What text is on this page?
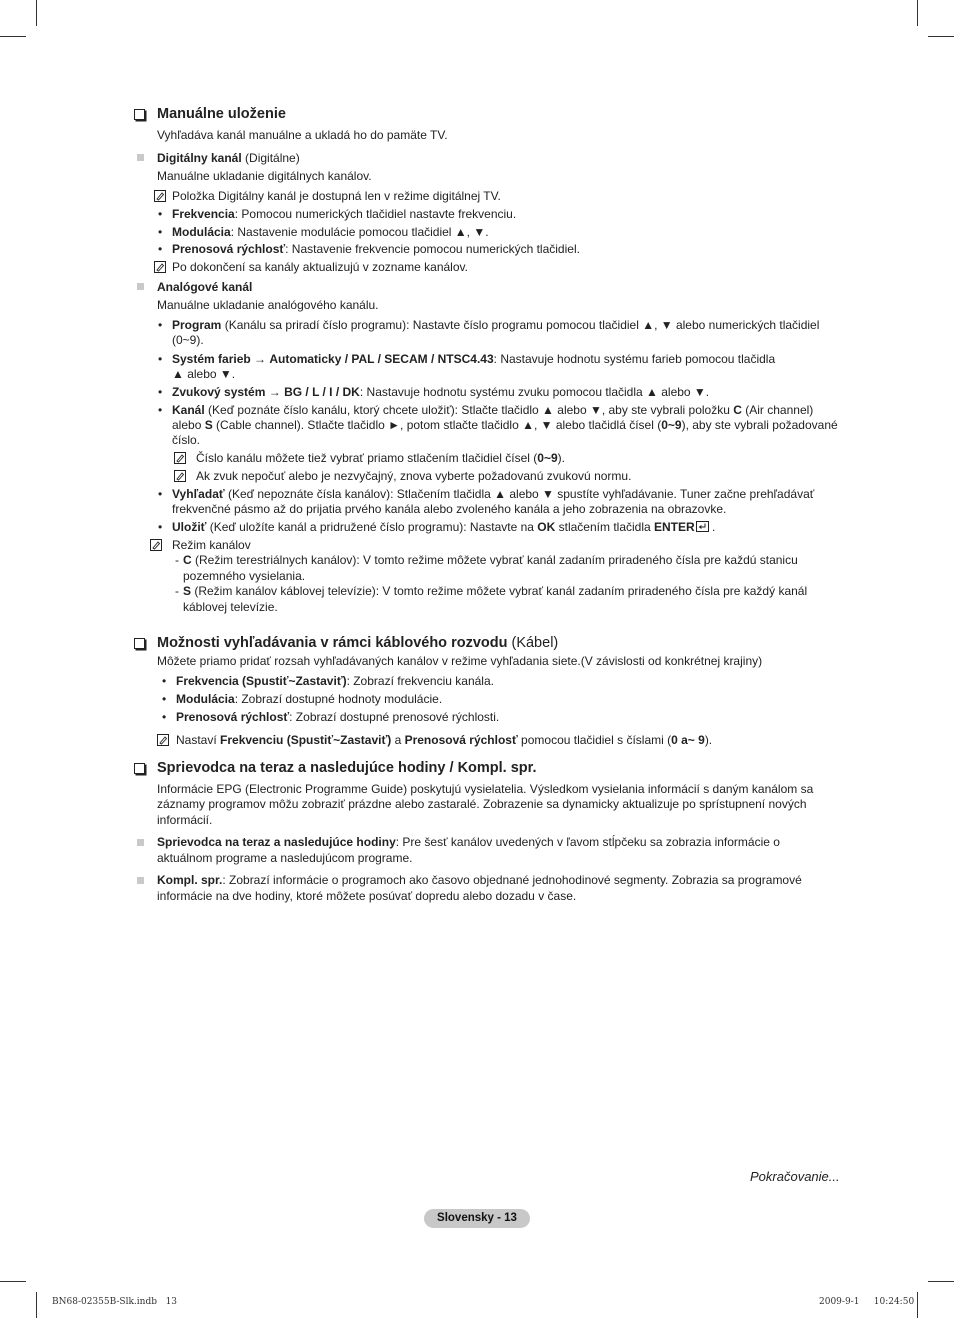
Manuálne uloženie
Vyhľadáva kanál manuálne a ukladá ho do pamäte TV.
Digitálny kanál (Digitálne)
Manuálne ukladanie digitálnych kanálov.
Položka Digitálny kanál je dostupná len v režime digitálnej TV.
• Frekvencia: Pomocou numerických tlačidiel nastavte frekvenciu.
• Modulácia: Nastavenie modulácie pomocou tlačidiel ▲, ▼.
• Prenosová rýchlosť: Nastavenie frekvencie pomocou numerických tlačidiel.
Po dokončení sa kanály aktualizujú v zozname kanálov.
Analógové kanál
Manuálne ukladanie analógového kanálu.
• Program (Kanálu sa priradí číslo programu): Nastavte číslo programu pomocou tlačidiel ▲, ▼ alebo numerických tlačidiel
(0~9).
• Systém farieb → Automaticky / PAL / SECAM / NTSC4.43: Nastavuje hodnotu systému farieb pomocou tlačidla
▲ alebo ▼.
• Zvukový systém → BG / L / I / DK: Nastavuje hodnotu systému zvuku pomocou tlačidla ▲ alebo ▼.
• Kanál (Keď poznáte číslo kanálu, ktorý chcete uložiť): Stlačte tlačidlo ▲ alebo ▼, aby ste vybrali položku C (Air channel)
alebo S (Cable channel). Stlačte tlačidlo ►, potom stlačte tlačidlo ▲, ▼ alebo tlačidlá čísel (0~9), aby ste vybrali požadované
číslo.
Číslo kanálu môžete tiež vybrať priamo stlačením tlačidiel čísel (0~9).
Ak zvuk nepočuť alebo je nezvyčajný, znova vyberte požadovanú zvukovú normu.
• Vyhľadať (Keď nepoznáte čísla kanálov): Stlačením tlačidla ▲ alebo ▼ spustíte vyhľadávanie. Tuner začne prehľadávať
frekvenčné pásmo až do prijatia prvého kanála alebo zvoleného kanála a jeho zobrazenia na obrazovke.
• Uložiť (Keď uložíte kanál a pridružené číslo programu): Nastavte na OK stlačením tlačidla ENTER
.
Režim kanálov
- C (Režim terestriálnych kanálov): V tomto režime môžete vybrať kanál zadaním priradeného čísla pre každú stanicu
pozemného vysielania.
- S (Režim kanálov káblovej televízie): V tomto režime môžete vybrať kanál zadaním priradeného čísla pre každý kanál
káblovej televízie.
Možnosti vyhľadávania v rámci káblového rozvodu (Kábel)
Môžete priamo pridať rozsah vyhľadávaných kanálov v režime vyhľadania siete.(V závislosti od konkrétnej krajiny)
• Frekvencia (Spustiť~Zastaviť): Zobrazí frekvenciu kanála.
• Modulácia: Zobrazí dostupné hodnoty modulácie.
• Prenosová rýchlosť: Zobrazí dostupné prenosové rýchlosti.
Nastaví Frekvenciu (Spustiť~Zastaviť) a Prenosová rýchlosť pomocou tlačidiel s číslami (0 a~ 9).
Sprievodca na teraz a nasledujúce hodiny / Kompl. spr.
Informácie EPG (Electronic Programme Guide) poskytujú vysielatelia. Výsledkom vysielania informácií s daným kanálom sa
záznamy programov môžu zobraziť prázdne alebo zastaralé. Zobrazenie sa dynamicky aktualizuje po sprístupnení nových
informácií.
Sprievodca na teraz a nasledujúce hodiny: Pre šesť kanálov uvedených v ľavom stĺpčeku sa zobrazia informácie o
aktuálnom programe a nasledujúcom programe.
Kompl. spr.: Zobrazí informácie o programoch ako časovo objednané jednohodinové segmenty. Zobrazia sa programové
informácie na dve hodiny, ktoré môžete posúvať dopredu alebo dozadu v čase.
Pokračovanie...
Slovensky - 13
BN68-02355B-Slk.indb   13	2009-9-1     10:24:50
